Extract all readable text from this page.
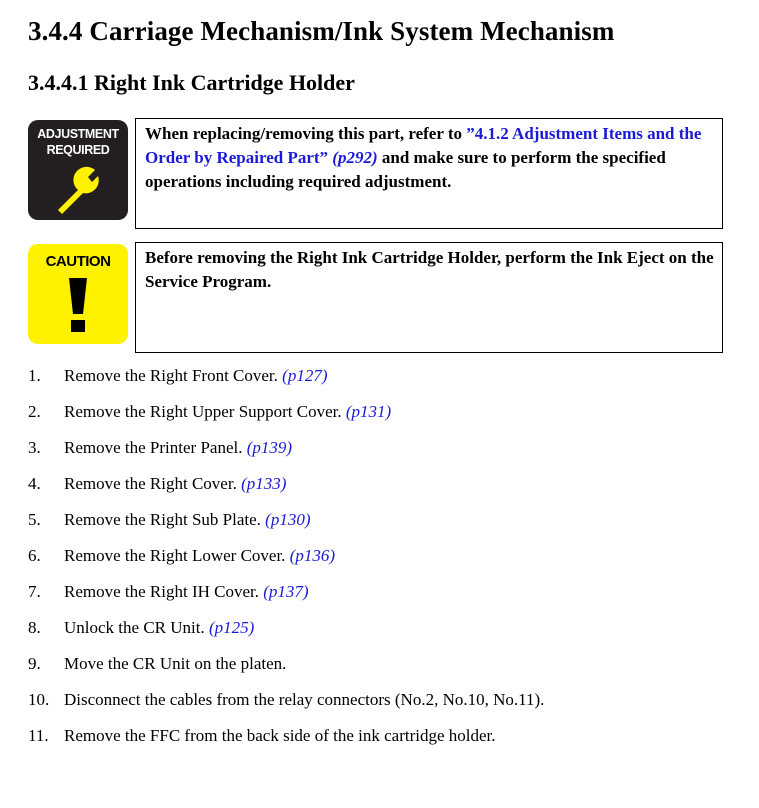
3.4.4 Carriage Mechanism/Ink System Mechanism
3.4.4.1 Right Ink Cartridge Holder
ADJUSTMENT
REQUIRED
When replacing/removing this part, refer to ”4.1.2 Adjustment Items and the Order by Repaired Part” (p292) and make sure to perform the specified operations including required adjustment.
CAUTION	Before removing the Right Ink Cartridge Holder, perform the Ink Eject on the Service Program.
1. Remove the Right Front Cover. (p127)
2. Remove the Right Upper Support Cover. (p131)
3. Remove the Printer Panel. (p139)
4. Remove the Right Cover. (p133)
5. Remove the Right Sub Plate. (p130)
6. Remove the Right Lower Cover. (p136)
7. Remove the Right IH Cover. (p137)
8. Unlock the CR Unit. (p125)
9. Move the CR Unit on the platen.
10. Disconnect the cables from the relay connectors (No.2, No.10, No.11).
11. Remove the FFC from the back side of the ink cartridge holder.
